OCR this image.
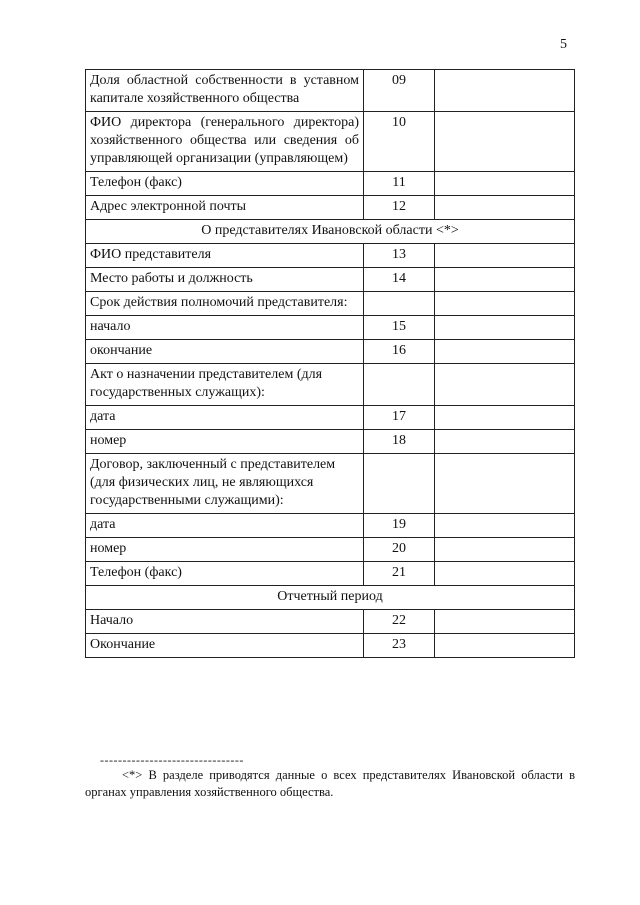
5
Доля областной собственности в уставном капитале хозяйственного общества	09	
ФИО директора (генерального директора) хозяйственного общества или сведения об управляющей организации (управляющем)	10	
Телефон (факс)	11	
Адрес электронной почты	12	
О представителях Ивановской области <*>		
ФИО представителя	13	
Место работы и должность	14	
Срок действия полномочий представителя:		
начало	15	
окончание	16	
Акт о назначении представителем (для государственных служащих):		
дата	17	
номер	18	
Договор, заключенный с представителем (для физических лиц, не являющихся государственными служащими):		
дата	19	
номер	20	
Телефон (факс)	21	
Отчетный период		
Начало	22	
Окончание	23	
--------------------------------
<*> В разделе приводятся данные о всех представителях Ивановской области в органах управления хозяйственного общества.
